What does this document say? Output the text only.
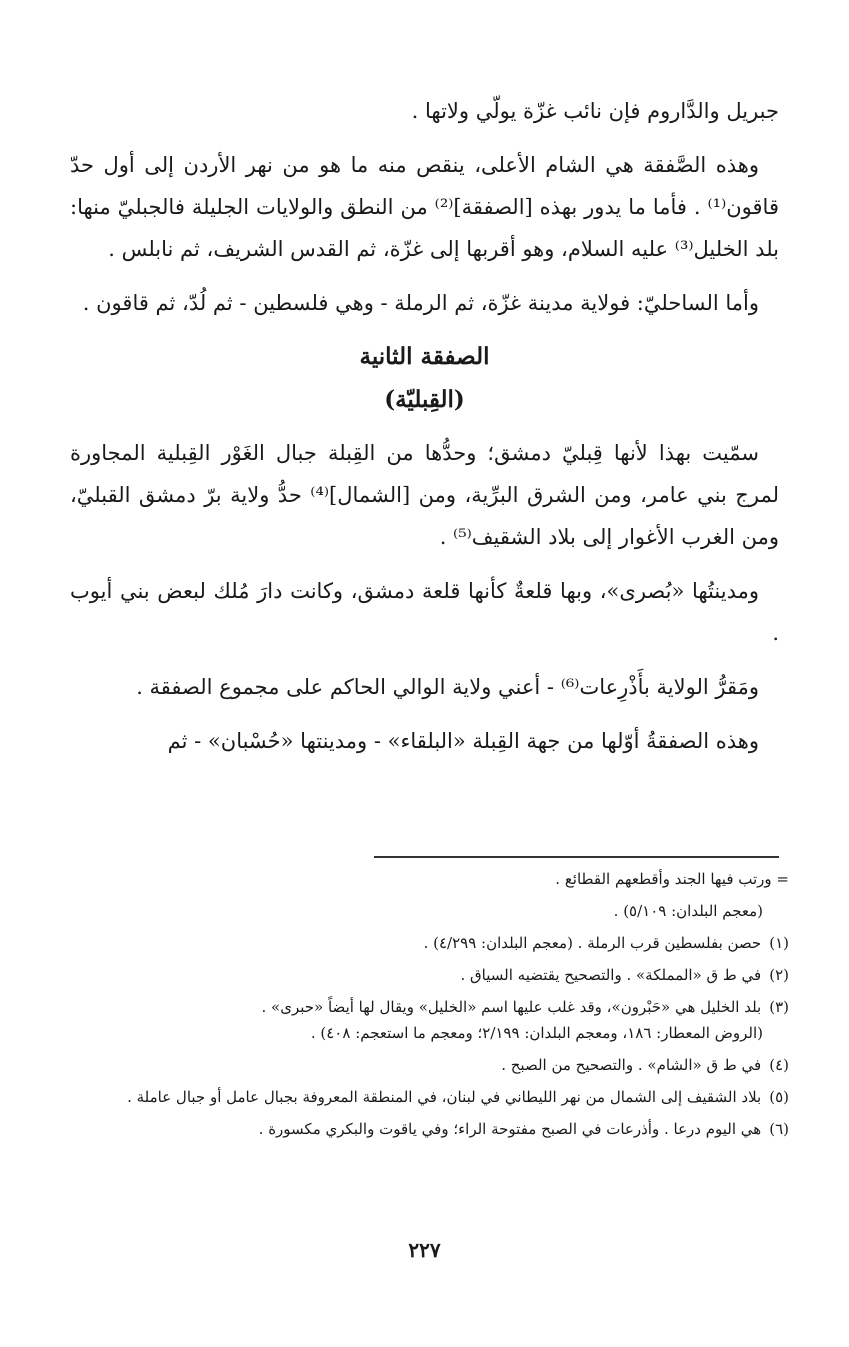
جبريل والدَّاروم فإن نائب غزّة يولّي ولاتها .

وهذه الصَّفقة هي الشام الأعلى، ينقص منه ما هو من نهر الأردن إلى أول حدّ قاقون⁽¹⁾ . فأما ما يدور بهذه [الصفقة]⁽²⁾ من النطق والولايات الجليلة فالجبليّ منها: بلد الخليل⁽³⁾ عليه السلام، وهو أقربها إلى غزّة، ثم القدس الشريف، ثم نابلس .

وأما الساحليّ: فولاية مدينة غزّة، ثم الرملة - وهي فلسطين - ثم لُدّ، ثم قاقون .

الصفقة الثانية
(القِبليّة)

سمّيت بهذا لأنها قِبليّ دمشق؛ وحدُّها من القِبلة جبال الغَوْر القِبلية المجاورة لمرج بني عامر، ومن الشرق البرِّية، ومن [الشمال]⁽⁴⁾ حدُّ ولاية برّ دمشق القبليّ، ومن الغرب الأغوار إلى بلاد الشقيف⁽⁵⁾ .

ومدينتُها «بُصرى»، وبها قلعةٌ كأنها قلعة دمشق، وكانت دارَ مُلك لبعض بني أيوب .

ومَقرُّ الولاية بأَذْرِعات⁽⁶⁾ - أعني ولاية الوالي الحاكم على مجموع الصفقة .

وهذه الصفقةُ أوّلها من جهة القِبلة «البلقاء» - ومدينتها «حُسْبان» - ثم

= ورتب فيها الجند وأقطعهم القطائع .
(معجم البلدان: ٥/١٠٩) .
(١)حصن بفلسطين قرب الرملة . (معجم البلدان: ٤/٢٩٩) .
(٢)في ط ق «المملكة» . والتصحيح يقتضيه السياق .
(٣)بلد الخليل هي «حَبْرون»، وقد غلب عليها اسم «الخليل» ويقال لها أيضاً «حبرى» .
(الروض المعطار: ١٨٦، ومعجم البلدان: ٢/١٩٩؛ ومعجم ما استعجم: ٤٠٨) .
(٤)في ط ق «الشام» . والتصحيح من الصبح .
(٥)بلاد الشقيف إلى الشمال من نهر الليطاني في لبنان، في المنطقة المعروفة بجبال عامل أو جبال عاملة .
(٦)هي اليوم درعا . وأذرعات في الصبح مفتوحة الراء؛ وفي ياقوت والبكري مكسورة .
٢٢٧
